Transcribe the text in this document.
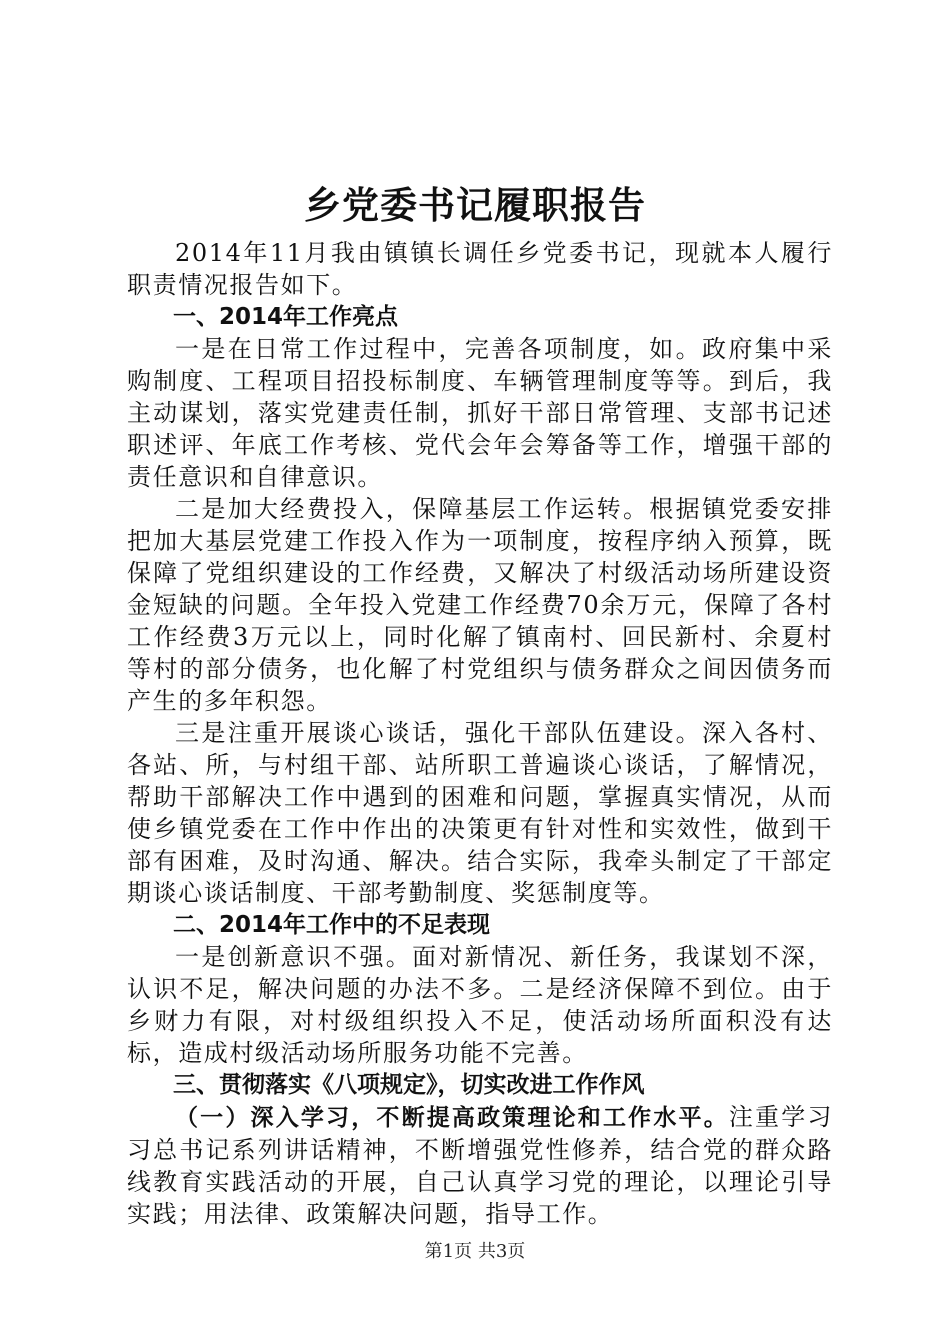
乡党委书记履职报告

2014年11月我由镇镇长调任乡党委书记，现就本人履行职责情况报告如下。

一、2014年工作亮点

一是在日常工作过程中，完善各项制度，如。政府集中采购制度、工程项目招投标制度、车辆管理制度等等。到后，我主动谋划，落实党建责任制，抓好干部日常管理、支部书记述职述评、年底工作考核、党代会年会筹备等工作，增强干部的责任意识和自律意识。

二是加大经费投入，保障基层工作运转。根据镇党委安排把加大基层党建工作投入作为一项制度，按程序纳入预算，既保障了党组织建设的工作经费，又解决了村级活动场所建设资金短缺的问题。全年投入党建工作经费70余万元，保障了各村工作经费3万元以上，同时化解了镇南村、回民新村、余夏村等村的部分债务，也化解了村党组织与债务群众之间因债务而产生的多年积怨。

三是注重开展谈心谈话，强化干部队伍建设。深入各村、各站、所，与村组干部、站所职工普遍谈心谈话，了解情况，帮助干部解决工作中遇到的困难和问题，掌握真实情况，从而使乡镇党委在工作中作出的决策更有针对性和实效性，做到干部有困难，及时沟通、解决。结合实际，我牵头制定了干部定期谈心谈话制度、干部考勤制度、奖惩制度等。

二、2014年工作中的不足表现

一是创新意识不强。面对新情况、新任务，我谋划不深，认识不足，解决问题的办法不多。二是经济保障不到位。由于乡财力有限，对村级组织投入不足，使活动场所面积没有达标，造成村级活动场所服务功能不完善。

三、贯彻落实《八项规定》，切实改进工作作风

（一）深入学习，不断提高政策理论和工作水平。注重学习习总书记系列讲话精神，不断增强党性修养，结合党的群众路线教育实践活动的开展，自己认真学习党的理论，以理论引导实践；用法律、政策解决问题，指导工作。

第1页 共3页
